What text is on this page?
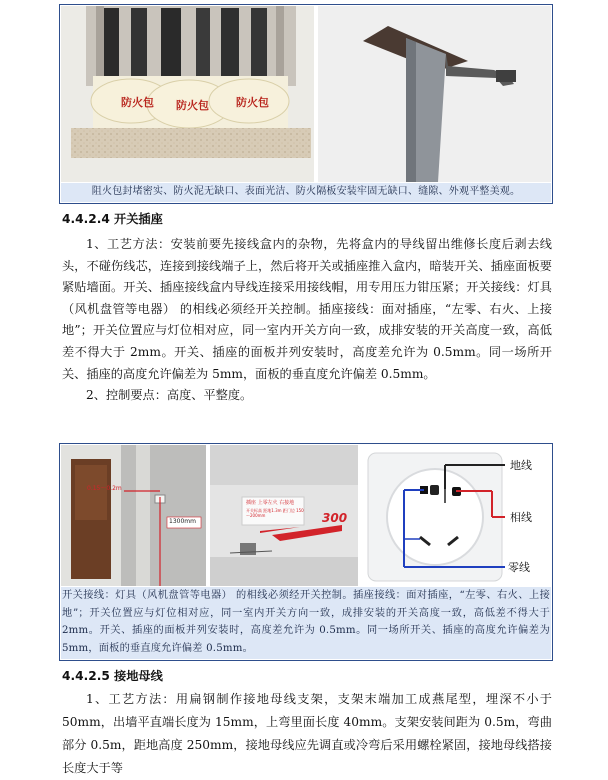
防火包 防火包 防火包
阻火包封堵密实、防火泥无缺口、表面光洁、防火隔板安装牢固无缺口、缝隙、外观平整美观。
4.4.2.4 开关插座

1、工艺方法：安装前要先接线盒内的杂物，先将盒内的导线留出维修长度后剥去线头，不碰伤线芯，连接到接线端子上，然后将开关或插座推入盒内，暗装开关、插座面板要紧贴墙面。开关、插座接线盒内导线连接采用接线帽，用专用压力钳压紧；开关接线：灯具（风机盘管等电器） 的相线必须经开关控制。插座接线：面对插座，“左零、右火、上接地”；开关位置应与灯位相对应，同一室内开关方向一致，成排安装的开关高度一致，高低差不得大于 2mm。开关、插座的面板并列安装时，高度差允许为 0.5mm。同一场所开关、插座的高度允许偏差为 5mm，面板的垂直度允许偏差 0.5mm。

2、控制要点：高度、平整度。

0.15～0.2m
1300mm
插座 上零左火 右接地
开关标高 距地1.3m 距门边 150～200mm	300
地线
相线
零线
开关接线：灯具（风机盘管等电器） 的相线必须经开关控制。插座接线：面对插座，“左零、右火、上接地”；开关位置应与灯位相对应，同一室内开关方向一致，成排安装的开关高度一致，高低差不得大于 2mm。开关、插座的面板并列安装时，高度差允许为 0.5mm。同一场所开关、插座的高度允许偏差为 5mm，面板的垂直度允许偏差 0.5mm。
4.4.2.5 接地母线

1、工艺方法：用扁钢制作接地母线支架，支架末端加工成燕尾型，埋深不小于 50mm，出墙平直端长度为 15mm，上弯里面长度 40mm。支架安装间距为 0.5m，弯曲部分 0.5m，距地高度 250mm，接地母线应先调直或冷弯后采用螺栓紧固，接地母线搭接长度大于等
